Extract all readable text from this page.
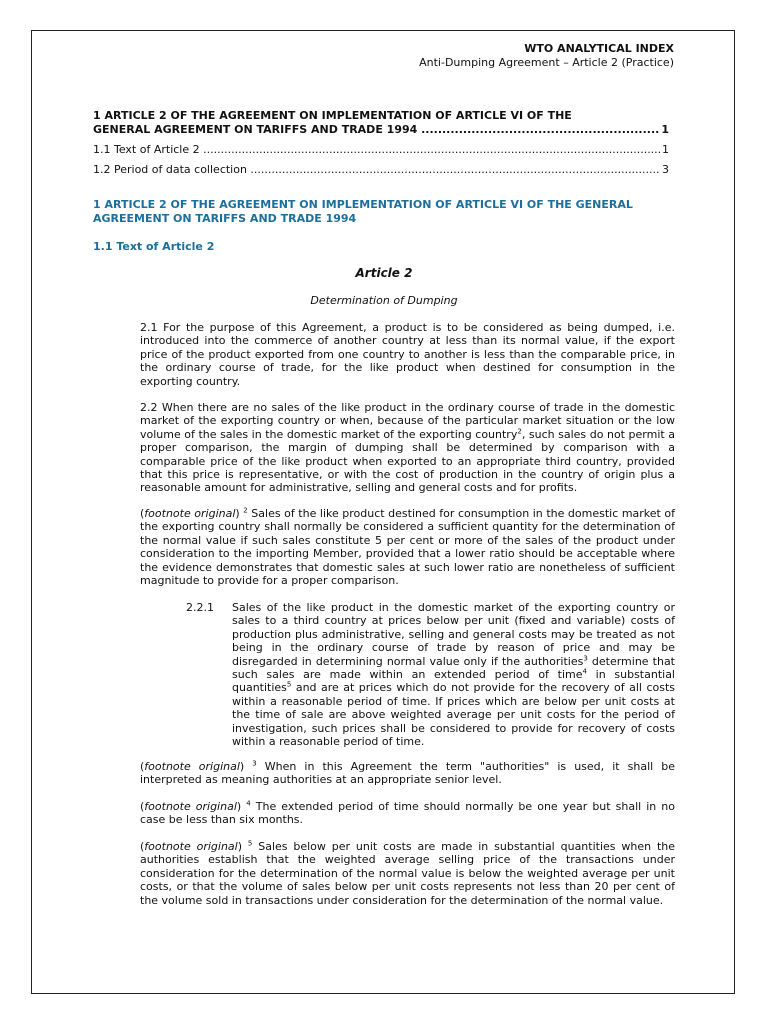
WTO ANALYTICAL INDEX
Anti-Dumping Agreement – Article 2 (Practice)
1 ARTICLE 2 OF THE AGREEMENT ON IMPLEMENTATION OF ARTICLE VI OF THE
GENERAL AGREEMENT ON TARIFFS AND TRADE 1994 .....	1
1.1 Text of Article 2 .....	1
1.2 Period of data collection .....	3
1 ARTICLE 2 OF THE AGREEMENT ON IMPLEMENTATION OF ARTICLE VI OF THE GENERAL AGREEMENT ON TARIFFS AND TRADE 1994
1.1 Text of Article 2
Article 2
Determination of Dumping
2.1 For the purpose of this Agreement, a product is to be considered as being dumped, i.e. introduced into the commerce of another country at less than its normal value, if the export price of the product exported from one country to another is less than the comparable price, in the ordinary course of trade, for the like product when destined for consumption in the exporting country.
2.2 When there are no sales of the like product in the ordinary course of trade in the domestic market of the exporting country or when, because of the particular market situation or the low volume of the sales in the domestic market of the exporting country$^2$, such sales do not permit a proper comparison, the margin of dumping shall be determined by comparison with a comparable price of the like product when exported to an appropriate third country, provided that this price is representative, or with the cost of production in the country of origin plus a reasonable amount for administrative, selling and general costs and for profits.
(footnote original) $^2$ Sales of the like product destined for consumption in the domestic market of the exporting country shall normally be considered a sufficient quantity for the determination of the normal value if such sales constitute 5 per cent or more of the sales of the product under consideration to the importing Member, provided that a lower ratio should be acceptable where the evidence demonstrates that domestic sales at such lower ratio are nonetheless of sufficient magnitude to provide for a proper comparison.
2.2.1 Sales of the like product in the domestic market of the exporting country or sales to a third country at prices below per unit (fixed and variable) costs of production plus administrative, selling and general costs may be treated as not being in the ordinary course of trade by reason of price and may be disregarded in determining normal value only if the authorities$^3$ determine that such sales are made within an extended period of time$^4$ in substantial quantities$^5$ and are at prices which do not provide for the recovery of all costs within a reasonable period of time. If prices which are below per unit costs at the time of sale are above weighted average per unit costs for the period of investigation, such prices shall be considered to provide for recovery of costs within a reasonable period of time.
(footnote original) $^3$ When in this Agreement the term "authorities" is used, it shall be interpreted as meaning authorities at an appropriate senior level.
(footnote original) $^4$ The extended period of time should normally be one year but shall in no case be less than six months.
(footnote original) $^5$ Sales below per unit costs are made in substantial quantities when the authorities establish that the weighted average selling price of the transactions under consideration for the determination of the normal value is below the weighted average per unit costs, or that the volume of sales below per unit costs represents not less than 20 per cent of the volume sold in transactions under consideration for the determination of the normal value.
